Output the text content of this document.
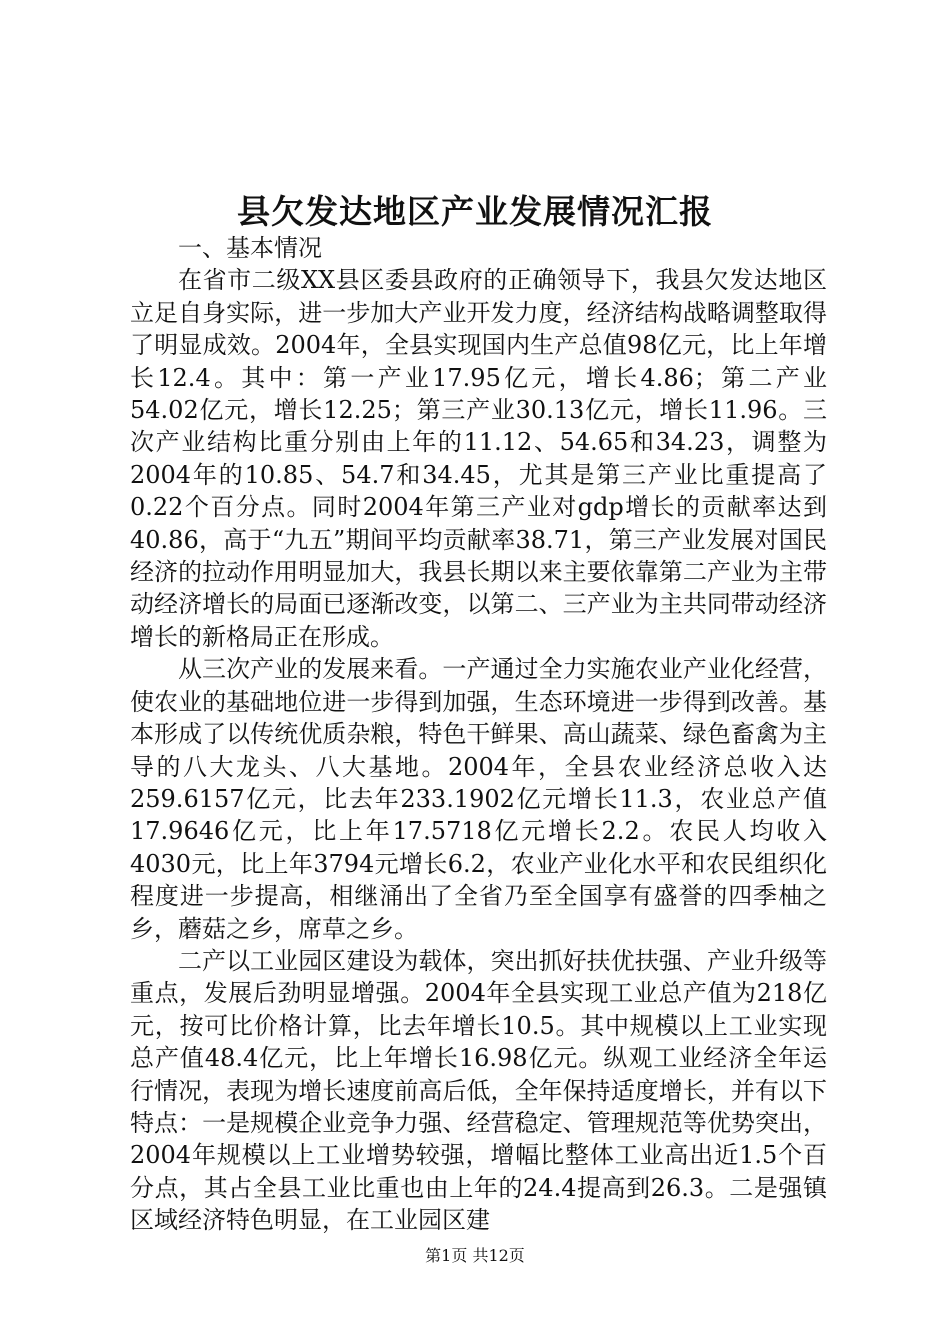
县欠发达地区产业发展情况汇报

一、基本情况

在省市二级XX县区委县政府的正确领导下，我县欠发达地区立足自身实际，进一步加大产业开发力度，经济结构战略调整取得了明显成效。2004年，全县实现国内生产总值98亿元，比上年增长12.4。其中：第一产业17.95亿元，增长4.86；第二产业54.02亿元，增长12.25；第三产业30.13亿元，增长11.96。三次产业结构比重分别由上年的11.12、54.65和34.23，调整为2004年的10.85、54.7和34.45，尤其是第三产业比重提高了0.22个百分点。同时2004年第三产业对gdp增长的贡献率达到40.86，高于“九五”期间平均贡献率38.71，第三产业发展对国民经济的拉动作用明显加大，我县长期以来主要依靠第二产业为主带动经济增长的局面已逐渐改变，以第二、三产业为主共同带动经济增长的新格局正在形成。

从三次产业的发展来看。一产通过全力实施农业产业化经营，使农业的基础地位进一步得到加强，生态环境进一步得到改善。基本形成了以传统优质杂粮，特色干鲜果、高山蔬菜、绿色畜禽为主导的八大龙头、八大基地。2004年，全县农业经济总收入达259.6157亿元，比去年233.1902亿元增长11.3，农业总产值17.9646亿元，比上年17.5718亿元增长2.2。农民人均收入4030元，比上年3794元增长6.2，农业产业化水平和农民组织化程度进一步提高，相继涌出了全省乃至全国享有盛誉的四季柚之乡，蘑菇之乡，席草之乡。

二产以工业园区建设为载体，突出抓好扶优扶强、产业升级等重点，发展后劲明显增强。2004年全县实现工业总产值为218亿元，按可比价格计算，比去年增长10.5。其中规模以上工业实现总产值48.4亿元，比上年增长16.98亿元。纵观工业经济全年运行情况，表现为增长速度前高后低，全年保持适度增长，并有以下特点：一是规模企业竞争力强、经营稳定、管理规范等优势突出，2004年规模以上工业增势较强，增幅比整体工业高出近1.5个百分点，其占全县工业比重也由上年的24.4提高到26.3。二是强镇区域经济特色明显，在工业园区建

第1页 共12页
